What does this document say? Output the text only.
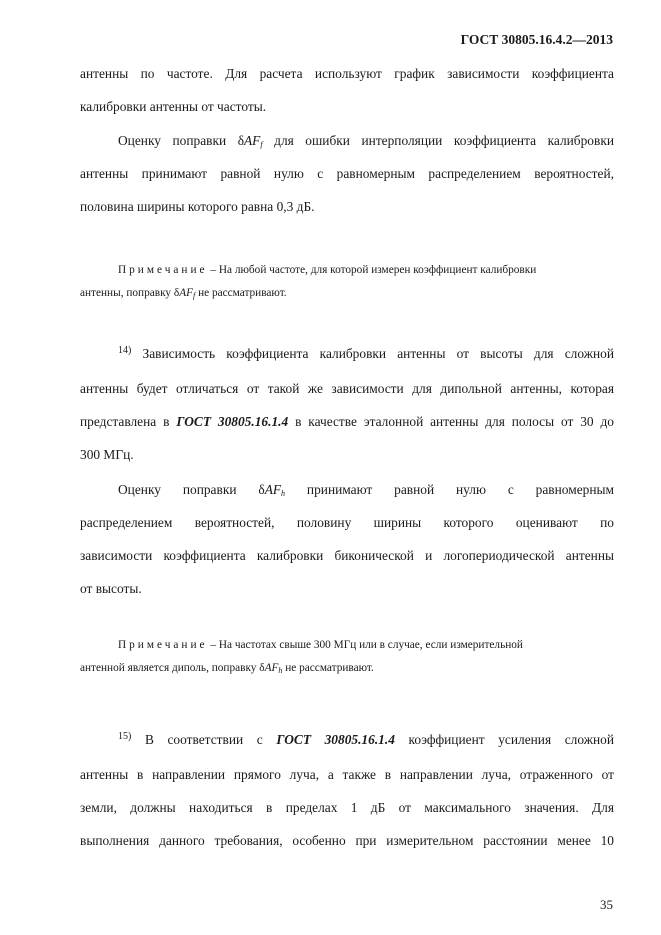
ГОСТ 30805.16.4.2—2013
антенны по частоте. Для расчета используют график зависимости коэффициента
калибровки антенны от частоты.
Оценку поправки δAF$_f$ для ошибки интерполяции коэффициента калибровки
антенны принимают равной нулю с равномерным распределением вероятностей,
половина ширины которого равна 0,3 дБ.
Примечание – На любой частоте, для которой измерен коэффициент калибровки
антенны, поправку δAF$_f$ не рассматривают.
$^{14)}$ Зависимость коэффициента калибровки антенны от высоты для сложной
антенны будет отличаться от такой же зависимости для дипольной антенны, которая
представлена в ГОСТ 30805.16.1.4 в качестве эталонной антенны для полосы от 30 до
300 МГц.
Оценку поправки δAF$_h$ принимают равной нулю с равномерным
распределением вероятностей, половину ширины которого оценивают по
зависимости коэффициента калибровки биконической и логопериодической антенны
от высоты.
Примечание – На частотах свыше 300 МГц или в случае, если измерительной
антенной является диполь, поправку δAF$_h$ не рассматривают.
$^{15)}$ В соответствии с ГОСТ 30805.16.1.4 коэффициент усиления сложной
антенны в направлении прямого луча, а также в направлении луча, отраженного от
земли, должны находиться в пределах 1 дБ от максимального значения. Для
выполнения данного требования, особенно при измерительном расстоянии менее 10
35
